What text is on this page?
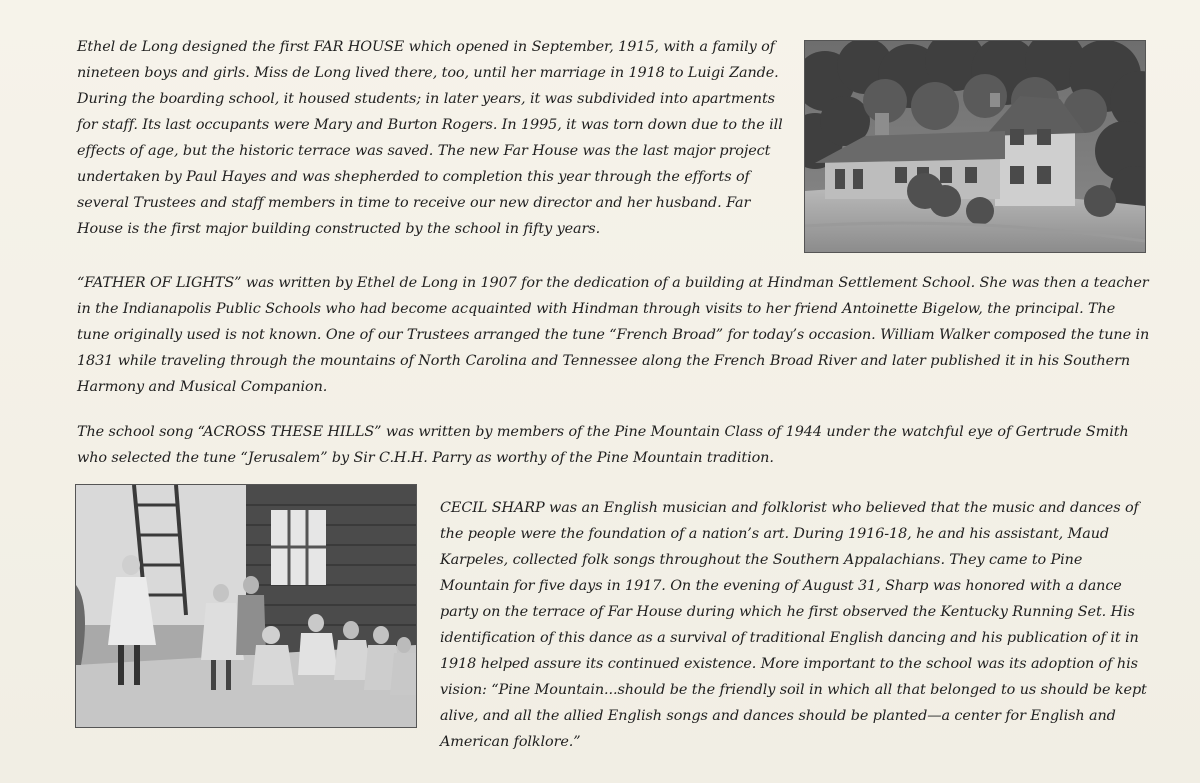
Ethel de Long designed the first FAR HOUSE which opened in September, 1915, with a family of nineteen boys and girls. Miss de Long lived there, too, until her marriage in 1918 to Luigi Zande. During the boarding school, it housed students; in later years, it was subdivided into apartments for staff. Its last occupants were Mary and Burton Rogers. In 1995, it was torn down due to the ill effects of age, but the historic terrace was saved. The new Far House was the last major project undertaken by Paul Hayes and was shepherded to completion this year through the efforts of several Trustees and staff members in time to receive our new director and her husband. Far House is the first major building constructed by the school in fifty years.

“FATHER OF LIGHTS” was written by Ethel de Long in 1907 for the dedication of a building at Hindman Settlement School. She was then a teacher in the Indianapolis Public Schools who had become acquainted with Hindman through visits to her friend Antoinette Bigelow, the principal. The tune originally used is not known. One of our Trustees arranged the tune “French Broad” for today’s occasion. William Walker composed the tune in 1831 while traveling through the mountains of North Carolina and Tennessee along the French Broad River and later published it in his Southern Harmony and Musical Companion.

The school song “ACROSS THESE HILLS” was written by members of the Pine Mountain Class of 1944 under the watchful eye of Gertrude Smith who selected the tune “Jerusalem” by Sir C.H.H. Parry as worthy of the Pine Mountain tradition.

CECIL SHARP was an English musician and folklorist who believed that the music and dances of the people were the foundation of a nation’s art. During 1916-18, he and his assistant, Maud Karpeles, collected folk songs throughout the Southern Appalachians. They came to Pine Mountain for five days in 1917. On the evening of August 31, Sharp was honored with a dance party on the terrace of Far House during which he first observed the Kentucky Running Set. His identification of this dance as a survival of traditional English dancing and his publication of it in 1918 helped assure its continued existence. More important to the school was its adoption of his vision: “Pine Mountain...should be the friendly soil in which all that belonged to us should be kept alive, and all the allied English songs and dances should be planted—a center for English and American folklore.”
